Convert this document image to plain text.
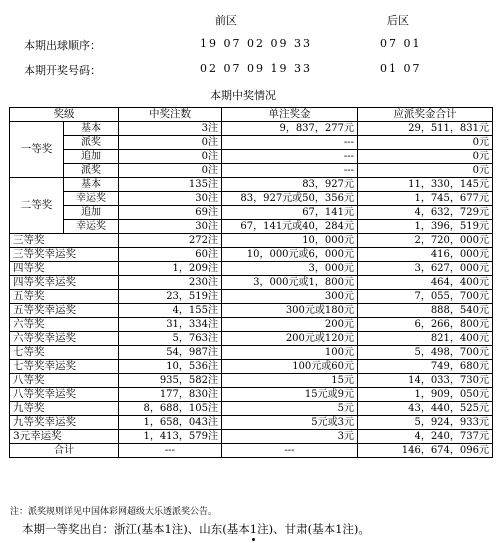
前区	后区
本期出球顺序：	19 07 02 09 33	07 01
本期开奖号码：	02 07 09 19 33	01 07
本期中奖情况
奖级		中奖注数	单注奖金	应派奖金合计
一等奖	基本	3注	9，837，277元	29，511，831元
	派奖	0注	---	0元
	追加	0注	---	0元
	派奖	0注	---	0元
二等奖	基本	135注	83，927元	11，330，145元
	幸运奖	30注	83，927元或50，356元	1，745，677元
	追加	69注	67，141元	4，632，729元
	幸运奖	30注	67，141元或40，284元	1，396，519元
三等奖		272注	10，000元	2，720，000元
三等奖幸运奖		60注	10，000元或6，000元	416，000元
四等奖		1，209注	3，000元	3，627，000元
四等奖幸运奖		230注	3，000元或1，800元	464，400元
五等奖		23，519注	300元	7，055，700元
五等奖幸运奖		4，155注	300元或180元	888，540元
六等奖		31，334注	200元	6，266，800元
六等奖幸运奖		5，763注	200元或120元	821，400元
七等奖		54，987注	100元	5，498，700元
七等奖幸运奖		10，536注	100元或60元	749，680元
八等奖		935，582注	15元	14，033，730元
八等奖幸运奖		177，830注	15元或9元	1，909，050元
九等奖		8，688，105注	5元	43，440，525元
九等奖幸运奖		1，658，043注	5元或3元	5，924，933元
3元幸运奖		1，413，579注	3元	4，240，737元
合计		---	---	146，674，096元
注：派奖规则详见中国体彩网超级大乐透派奖公告。
本期一等奖出自：浙江(基本1注)、山东(基本1注)、甘肃(基本1注)。
